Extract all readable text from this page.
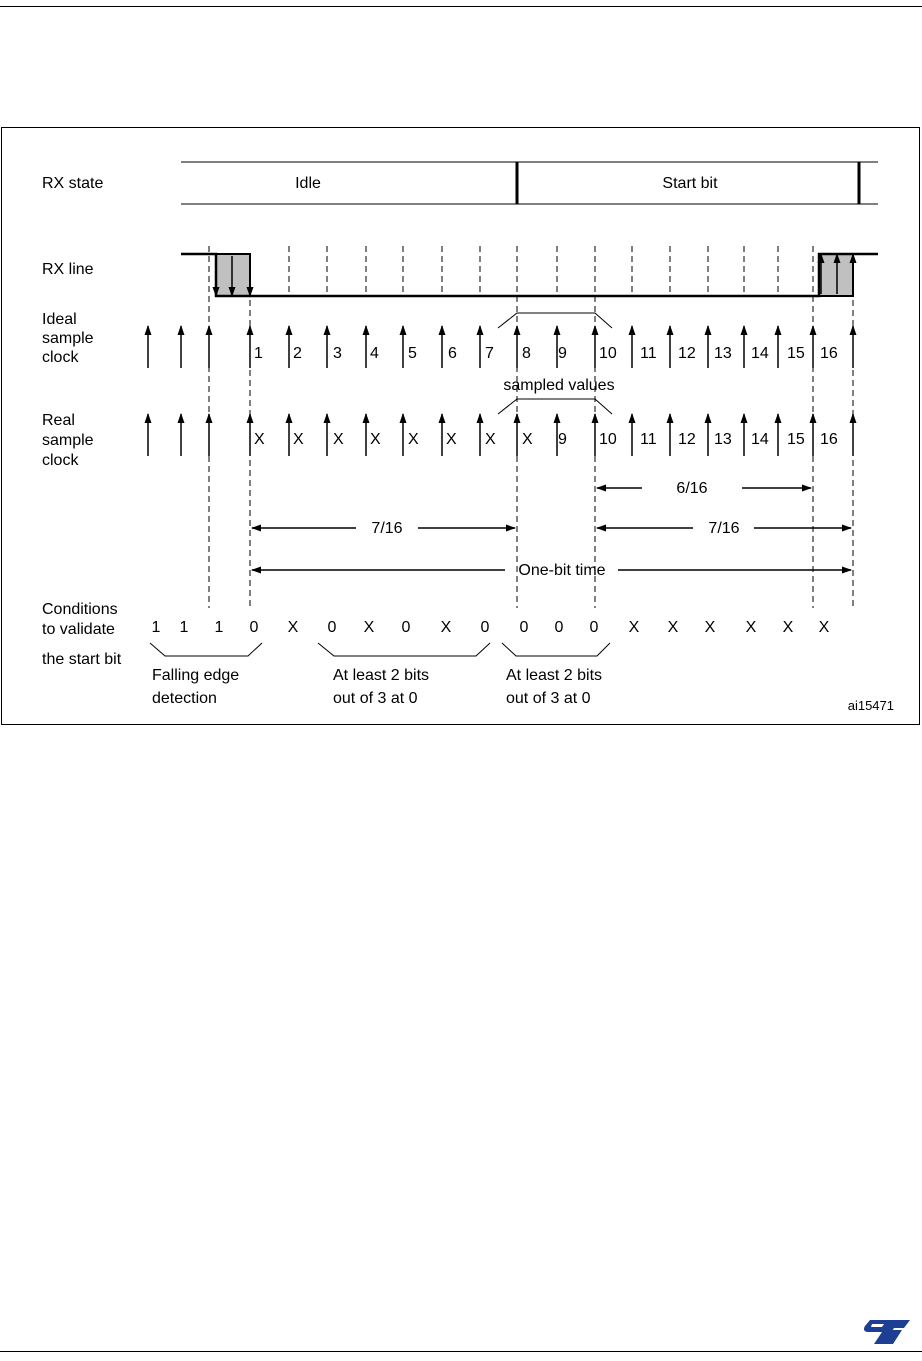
RX state
RX line
Ideal
sample
clock
Real
sample
clock
Conditions
to validate
the start bit
Idle	Start bit
1 2 3 4 5 6 7 8 9 10 11 12 13 14 15 16
sampled values
X X X X X X X X 9 10 11 12 13 14 15 16
6/16
7/16	7/16
One-bit time
1 1 1 0 X 0 X 0 X 0 0 0 0 X X X X X X
Falling edge
detection
At least 2 bits
out of 3 at 0
At least 2 bits
out of 3 at 0	ai15471
